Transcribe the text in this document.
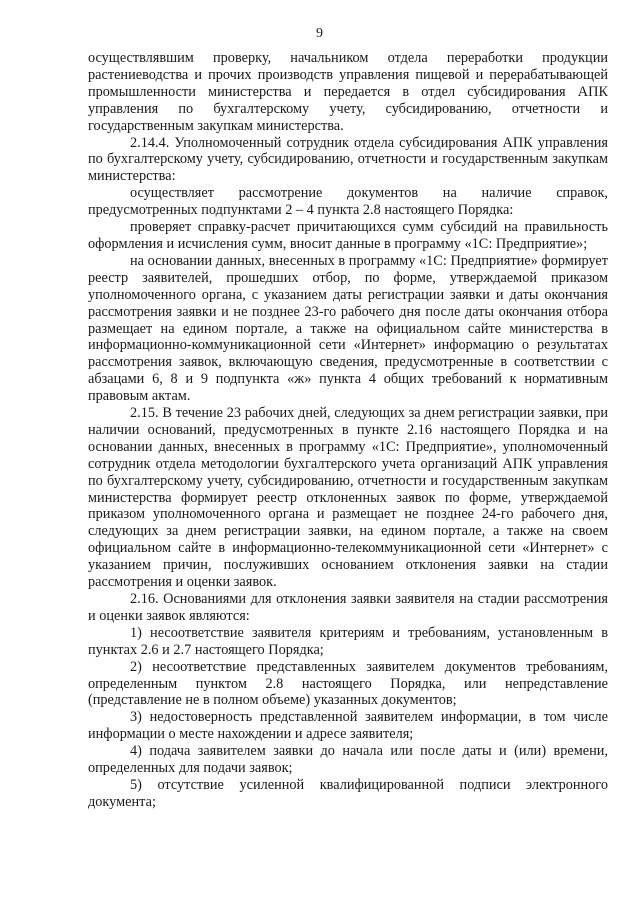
9

осуществлявшим проверку, начальником отдела переработки продукции растениеводства и прочих производств управления пищевой и перерабатывающей промышленности министерства и передается в отдел субсидирования АПК управления по бухгалтерскому учету, субсидированию, отчетности и государственным закупкам министерства.

2.14.4. Уполномоченный сотрудник отдела субсидирования АПК управления по бухгалтерскому учету, субсидированию, отчетности и государственным закупкам министерства:

осуществляет рассмотрение документов на наличие справок, предусмотренных подпунктами 2 – 4 пункта 2.8 настоящего Порядка:

проверяет справку-расчет причитающихся сумм субсидий на правильность оформления и исчисления сумм, вносит данные в программу «1С: Предприятие»;

на основании данных, внесенных в программу «1С: Предприятие» формирует реестр заявителей, прошедших отбор, по форме, утверждаемой приказом уполномоченного органа, с указанием даты регистрации заявки и даты окончания рассмотрения заявки и не позднее 23-го рабочего дня после даты окончания отбора размещает на едином портале, а также на официальном сайте министерства в информационно-коммуникационной сети «Интернет» информацию о результатах рассмотрения заявок, включающую сведения, предусмотренные в соответствии с абзацами 6, 8 и 9 подпункта «ж» пункта 4 общих требований к нормативным правовым актам.

2.15. В течение 23 рабочих дней, следующих за днем регистрации заявки, при наличии оснований, предусмотренных в пункте 2.16 настоящего Порядка и на основании данных, внесенных в программу «1С: Предприятие», уполномоченный сотрудник отдела методологии бухгалтерского учета организаций АПК управления по бухгалтерскому учету, субсидированию, отчетности и государственным закупкам министерства формирует реестр отклоненных заявок по форме, утверждаемой приказом уполномоченного органа и размещает не позднее 24-го рабочего дня, следующих за днем регистрации заявки, на едином портале, а также на своем официальном сайте в информационно-телекоммуникационной сети «Интернет» с указанием причин, послуживших основанием отклонения заявки на стадии рассмотрения и оценки заявок.

2.16. Основаниями для отклонения заявки заявителя на стадии рассмотрения и оценки заявок являются:

1) несоответствие заявителя критериям и требованиям, установленным в пунктах 2.6 и 2.7 настоящего Порядка;

2) несоответствие представленных заявителем документов требованиям, определенным пунктом 2.8 настоящего Порядка, или непредставление (представление не в полном объеме) указанных документов;

3) недостоверность представленной заявителем информации, в том числе информации о месте нахождении и адресе заявителя;

4) подача заявителем заявки до начала или после даты и (или) времени, определенных для подачи заявок;

5) отсутствие усиленной квалифицированной подписи электронного документа;
